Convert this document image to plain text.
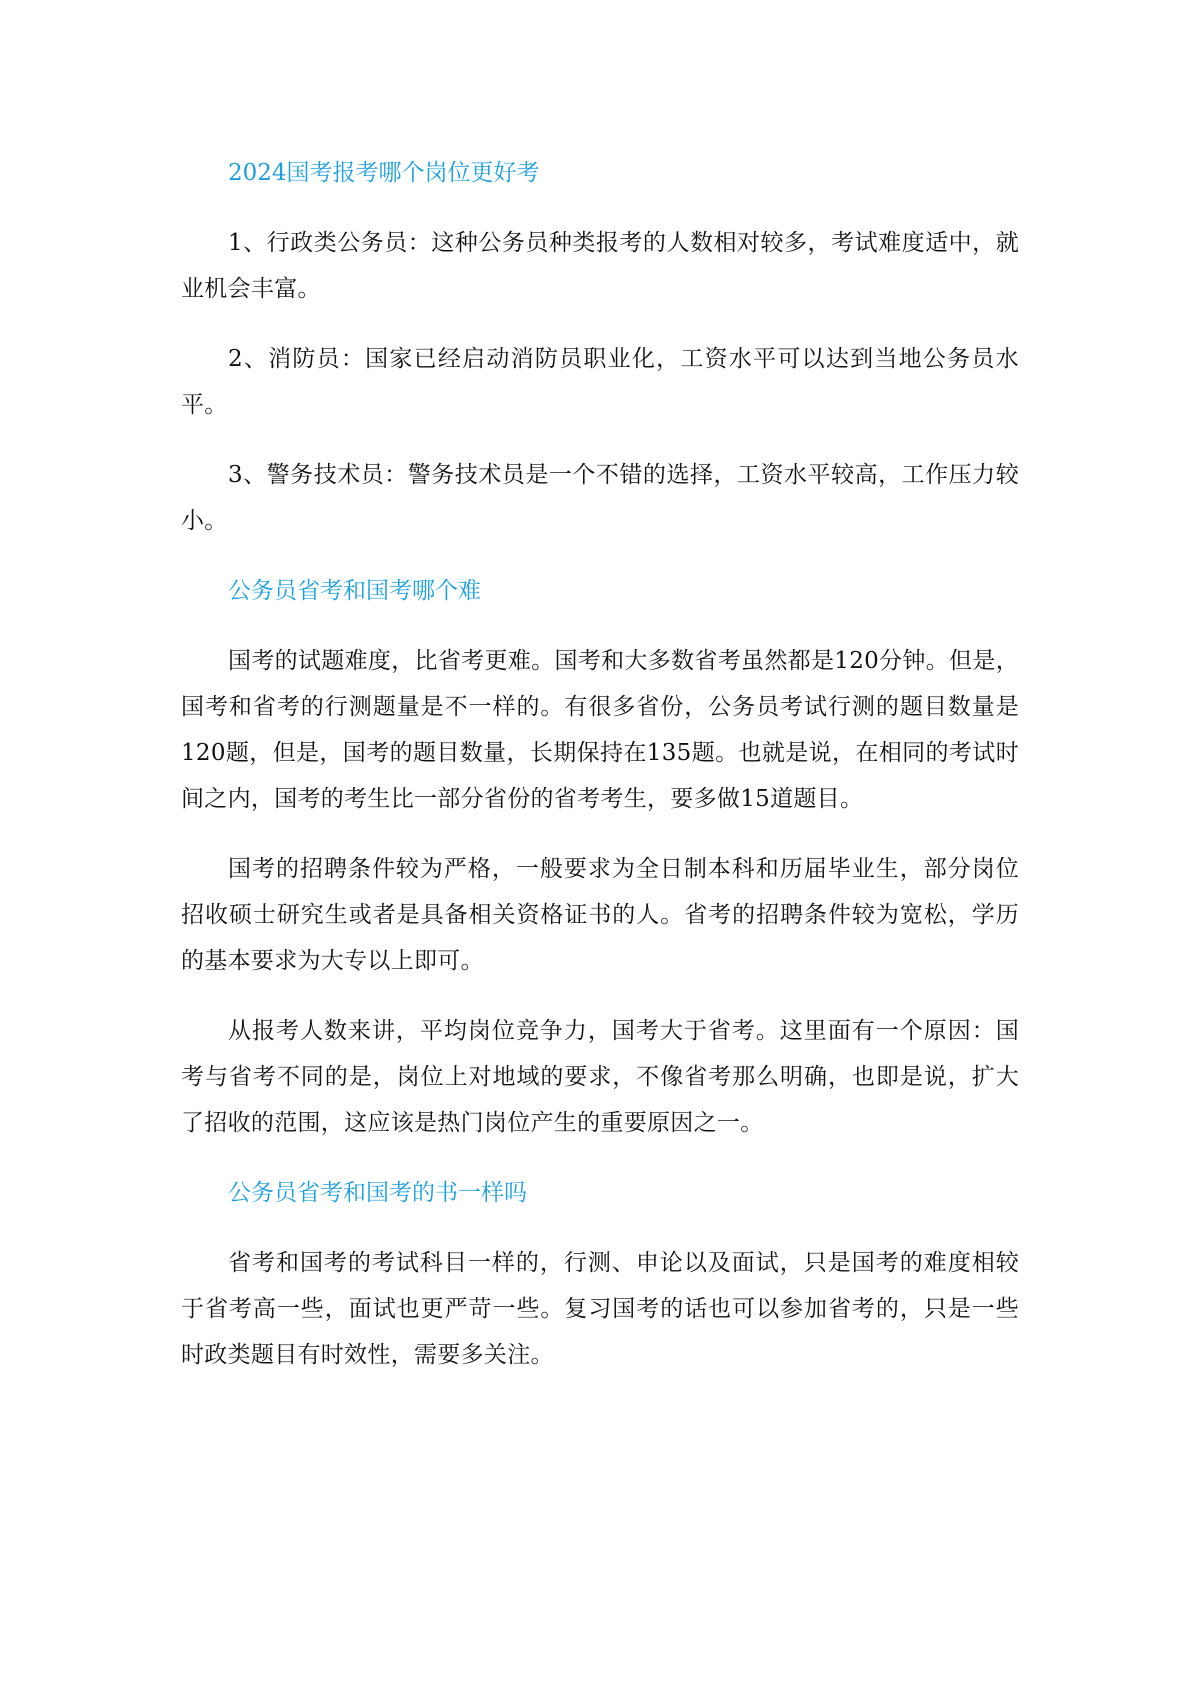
2024国考报考哪个岗位更好考

1、行政类公务员：这种公务员种类报考的人数相对较多，考试难度适中，就业机会丰富。

2、消防员：国家已经启动消防员职业化，工资水平可以达到当地公务员水平。

3、警务技术员：警务技术员是一个不错的选择，工资水平较高，工作压力较小。

公务员省考和国考哪个难

国考的试题难度，比省考更难。国考和大多数省考虽然都是120分钟。但是，国考和省考的行测题量是不一样的。有很多省份，公务员考试行测的题目数量是120题，但是，国考的题目数量，长期保持在135题。也就是说，在相同的考试时间之内，国考的考生比一部分省份的省考考生，要多做15道题目。

国考的招聘条件较为严格，一般要求为全日制本科和历届毕业生，部分岗位招收硕士研究生或者是具备相关资格证书的人。省考的招聘条件较为宽松，学历的基本要求为大专以上即可。

从报考人数来讲，平均岗位竞争力，国考大于省考。这里面有一个原因：国考与省考不同的是，岗位上对地域的要求，不像省考那么明确，也即是说，扩大了招收的范围，这应该是热门岗位产生的重要原因之一。

公务员省考和国考的书一样吗

省考和国考的考试科目一样的，行测、申论以及面试，只是国考的难度相较于省考高一些，面试也更严苛一些。复习国考的话也可以参加省考的，只是一些时政类题目有时效性，需要多关注。
